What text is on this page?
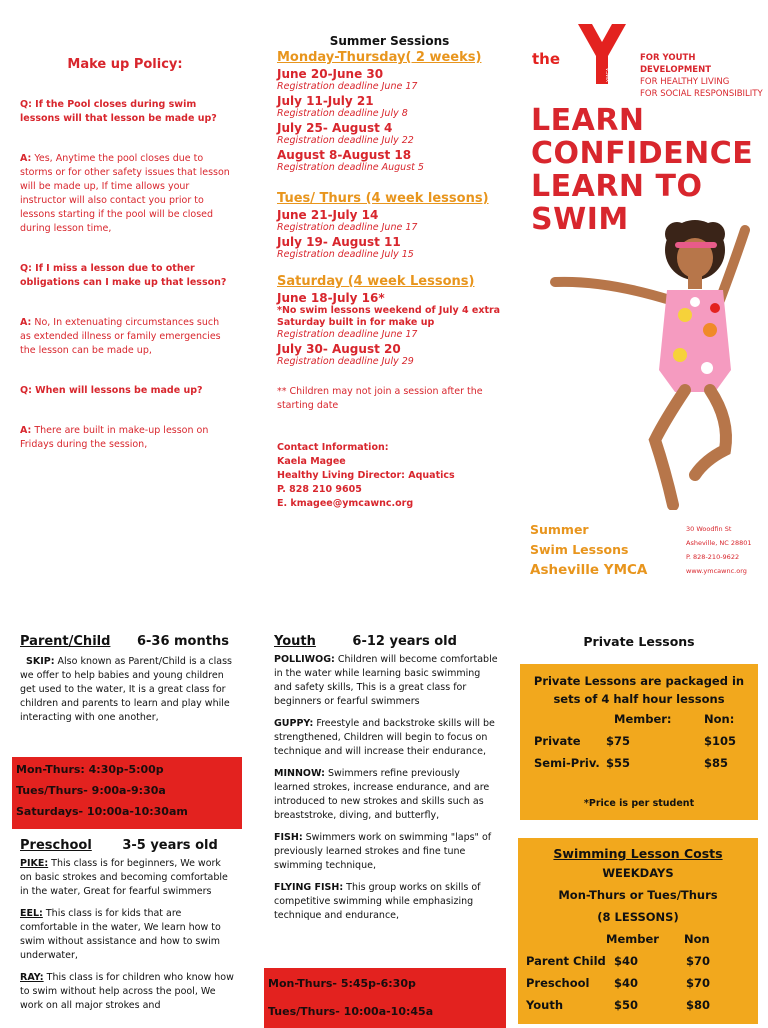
Make up Policy:
Q: If the Pool closes during swim lessons will that lesson be made up?
A: Yes, Anytime the pool closes due to storms or for other safety issues that lesson will be made up, If time allows your instructor will also contact you prior to lessons starting if the pool will be closed during lesson time,
Q: If I miss a lesson due to other obligations can I make up that lesson?
A: No, In extenuating circumstances such as extended illness or family emergencies the lesson can be made up,
Q: When will lessons be made up?
A: There are built in make-up lesson on Fridays during the session,
Summer Sessions
Monday-Thursday( 2 weeks)
June 20-June 30
Registration deadline June 17
July 11-July 21
Registration deadline July 8
July 25- August 4
Registration deadline July 22
August 8-August 18
Registration deadline August 5
Tues/ Thurs (4 week lessons)
June 21-July 14
Registration deadline June 17
July 19- August 11
Registration deadline July 15
Saturday (4 week Lessons)
June 18-July 16*
*No swim lessons weekend of July 4 extra Saturday built in for make up
Registration deadline June 17
July 30- August 20
Registration deadline July 29
** Children may not join a session after the starting date
Contact Information:
Kaela Magee
Healthy Living Director: Aquatics
P. 828 210 9605
E. kmagee@ymcawnc.org
the
YMCA
FOR YOUTH DEVELOPMENT
FOR HEALTHY LIVING
FOR SOCIAL RESPONSIBILITY
LEARN
CONFIDENCE
LEARN TO
SWIM
Summer
Swim Lessons
Asheville YMCA
30 Woodfin St
Asheville, NC 28801
P. 828-210-9622
www.ymcawnc.org
Parent/Child 6-36 months
SKIP: Also known as Parent/Child is a class we offer to help babies and young children get used to the water, It is a great class for children and parents to learn and play while interacting with one another,
Mon-Thurs: 4:30p-5:00p
Tues/Thurs- 9:00a-9:30a
Saturdays- 10:00a-10:30am
Preschool 3-5 years old

PIKE: This class is for beginners, We work on basic strokes and becoming comfortable in the water, Great for fearful swimmers

EEL: This class is for kids that are comfortable in the water, We learn how to swim without assistance and how to swim underwater,

RAY: This class is for children who know how to swim without help across the pool, We work on all major strokes and

Youth	6-12 years old

POLLIWOG: Children will become comfortable in the water while learning basic swimming and safety skills, This is a great class for beginners or fearful swimmers

GUPPY: Freestyle and backstroke skills will be strengthened, Children will begin to focus on technique and will increase their endurance,

MINNOW: Swimmers refine previously learned strokes, increase endurance, and are introduced to new strokes and skills such as breaststroke, diving, and butterfly,

FISH: Swimmers work on swimming "laps" of previously learned strokes and fine tune swimming technique,

FLYING FISH: This group works on skills of competitive swimming while emphasizing technique and endurance,

Mon-Thurs- 5:45p-6:30p
Tues/Thurs- 10:00a-10:45a
Private Lessons
Private Lessons are packaged in sets of 4 half hour lessons
Member:	Non:
Private $75	$105
Semi-Priv. $55	$85
*Price is per student
Swimming Lesson Costs
WEEKDAYS
Mon-Thurs or Tues/Thurs
(8 LESSONS)
Member Non
Parent Child $40	$70
Preschool $40	$70
Youth	$50	$80
